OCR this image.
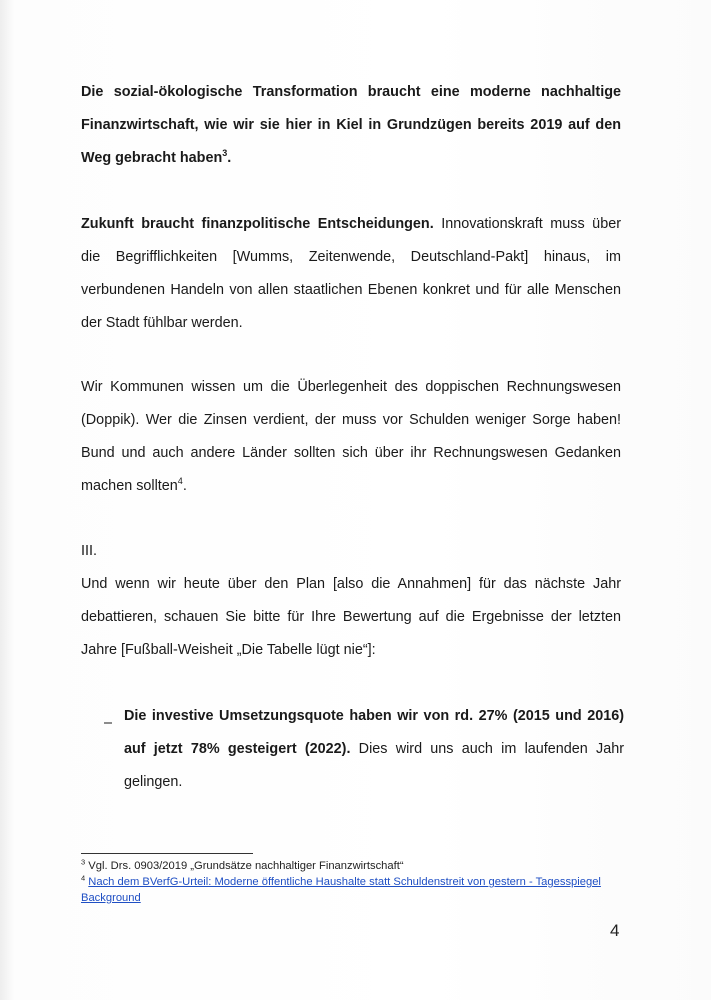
Die sozial-ökologische Transformation braucht eine moderne nachhaltige Finanzwirtschaft, wie wir sie hier in Kiel in Grundzügen bereits 2019 auf den Weg gebracht haben$^3$.

Zukunft braucht finanzpolitische Entscheidungen. Innovationskraft muss über die Begrifflichkeiten [Wumms, Zeitenwende, Deutschland-Pakt] hinaus, im verbundenen Handeln von allen staatlichen Ebenen konkret und für alle Menschen der Stadt fühlbar werden.

Wir Kommunen wissen um die Überlegenheit des doppischen Rechnungswesen (Doppik). Wer die Zinsen verdient, der muss vor Schulden weniger Sorge haben! Bund und auch andere Länder sollten sich über ihr Rechnungswesen Gedanken machen sollten$^4$.

III.

Und wenn wir heute über den Plan [also die Annahmen] für das nächste Jahr debattieren, schauen Sie bitte für Ihre Bewertung auf die Ergebnisse der letzten Jahre [Fußball-Weisheit „Die Tabelle lügt nie“]:

– Die investive Umsetzungsquote haben wir von rd. 27% (2015 und 2016) auf jetzt 78% gesteigert (2022). Dies wird uns auch im laufenden Jahr gelingen.

$^3$ Vgl. Drs. 0903/2019 „Grundsätze nachhaltiger Finanzwirtschaft“
$^4$ Nach dem BVerfG-Urteil: Moderne öffentliche Haushalte statt Schuldenstreit von gestern - Tagesspiegel Background
4
